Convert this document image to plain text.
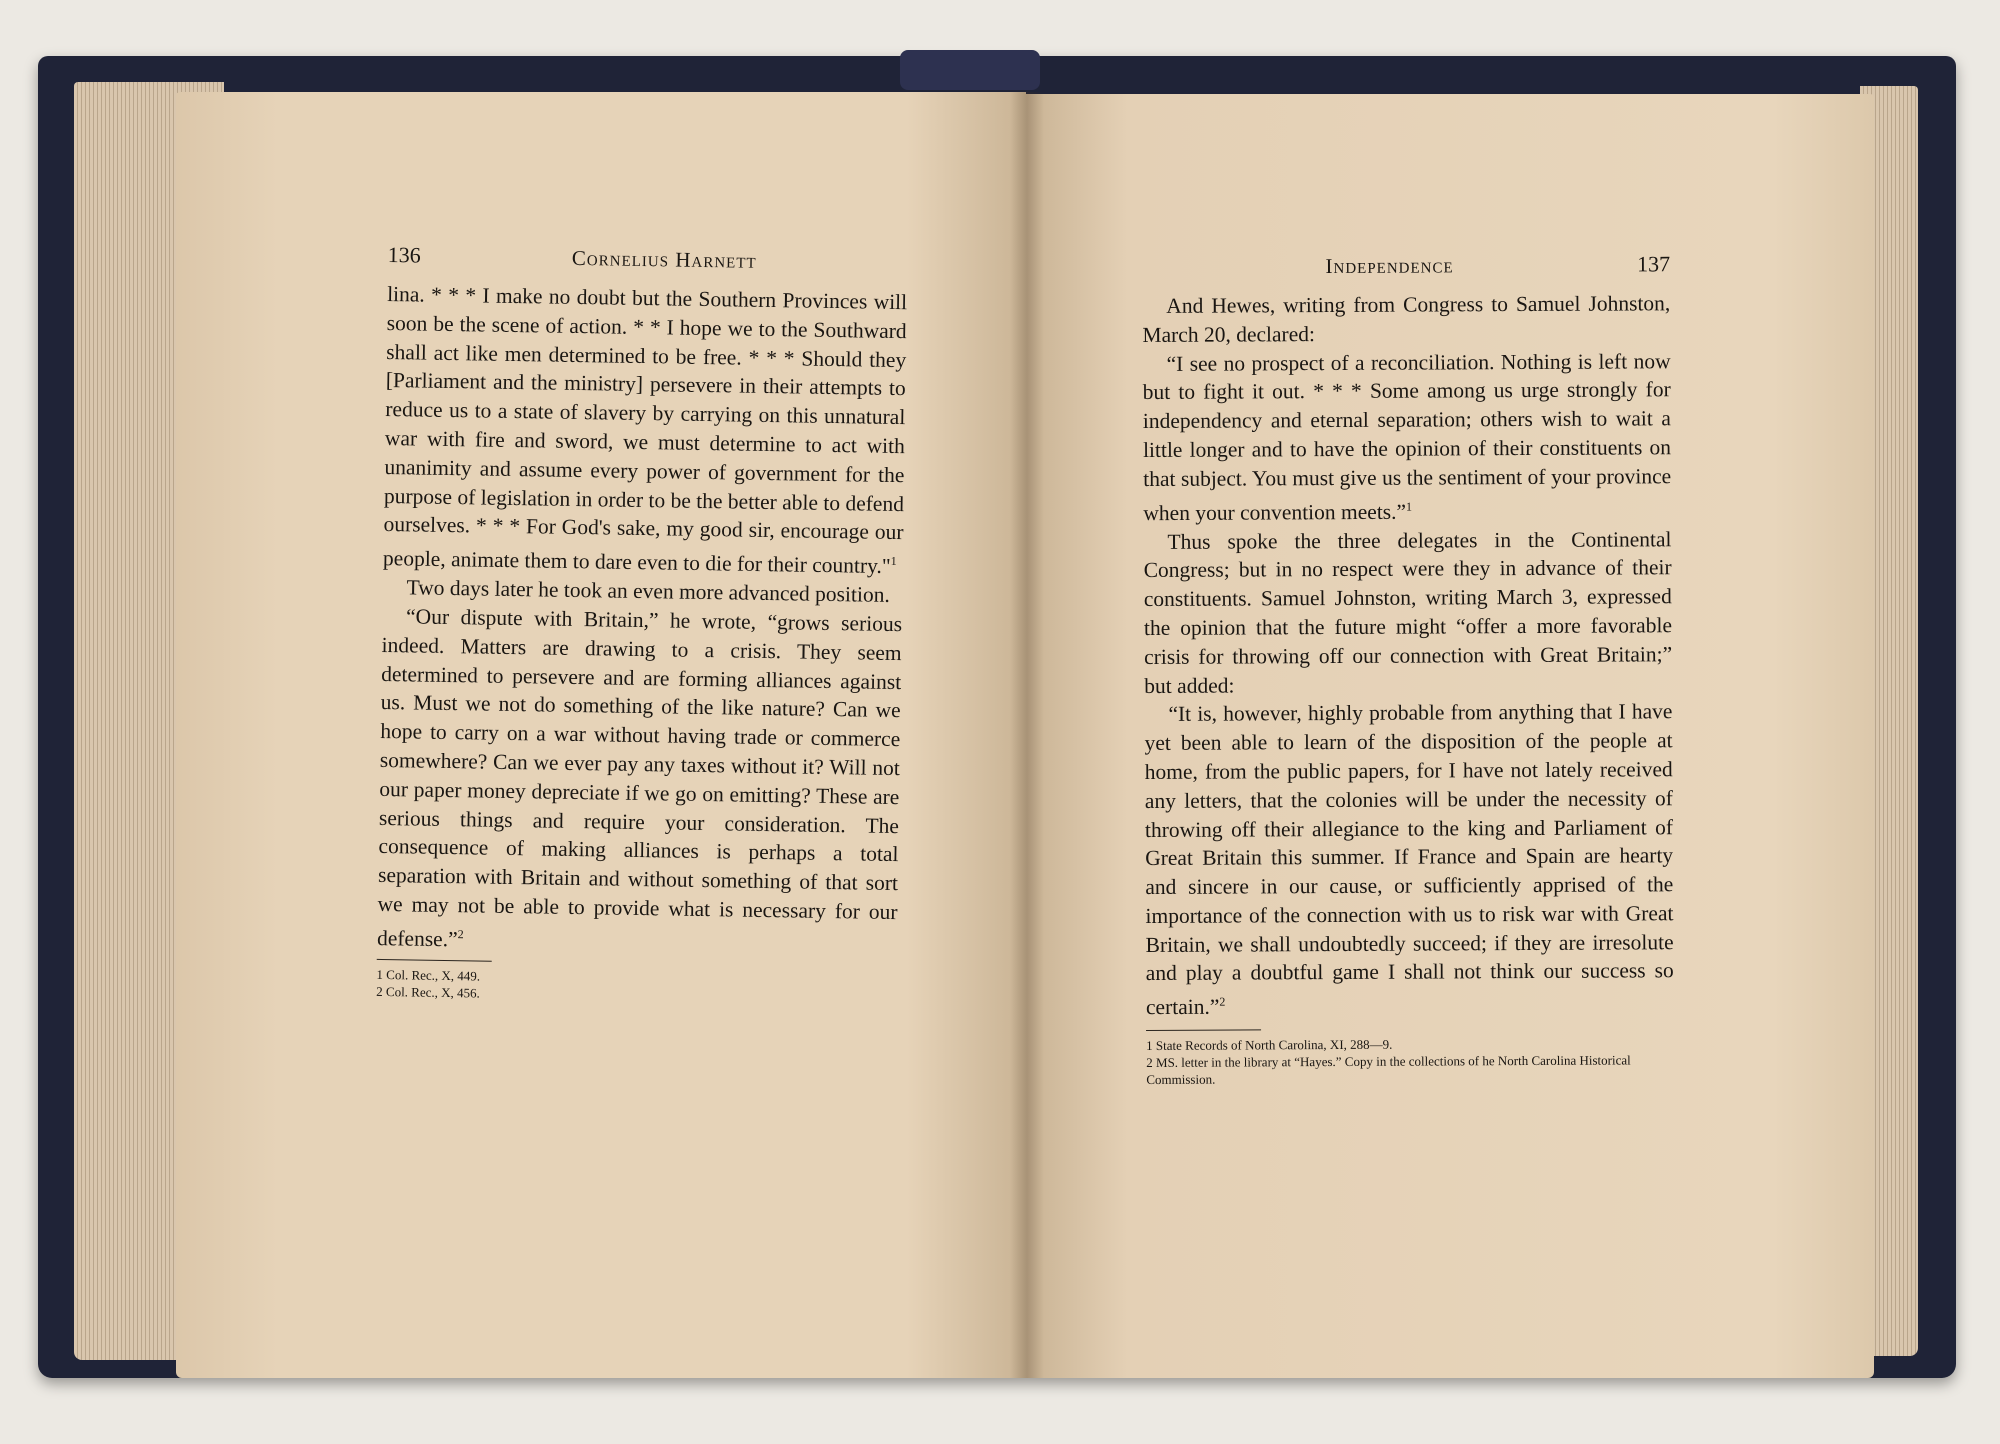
136	Cornelius Harnett

lina. * * * I make no doubt but the Southern Provinces will soon be the scene of action. * * I hope we to the Southward shall act like men determined to be free. * * * Should they [Parliament and the ministry] persevere in their attempts to reduce us to a state of slavery by carrying on this unnatural war with fire and sword, we must determine to act with unanimity and assume every power of government for the purpose of legislation in order to be the better able to defend ourselves. * * * For God's sake, my good sir, encourage our people, animate them to dare even to die for their country."$^1$

Two days later he took an even more advanced position.

“Our dispute with Britain,” he wrote, “grows serious indeed. Matters are drawing to a crisis. They seem determined to persevere and are forming alliances against us. Must we not do something of the like nature? Can we hope to carry on a war without having trade or commerce somewhere? Can we ever pay any taxes without it? Will not our paper money depreciate if we go on emitting? These are serious things and require your consideration. The consequence of making alliances is perhaps a total separation with Britain and without something of that sort we may not be able to provide what is necessary for our defense.”$^2$

1 Col. Rec., X, 449.

2 Col. Rec., X, 456.

Independence	137

And Hewes, writing from Congress to Samuel Johnston, March 20, declared:

“I see no prospect of a reconciliation. Nothing is left now but to fight it out. * * * Some among us urge strongly for independency and eternal separation; others wish to wait a little longer and to have the opinion of their constituents on that subject. You must give us the sentiment of your province when your convention meets.”$^1$

Thus spoke the three delegates in the Continental Congress; but in no respect were they in advance of their constituents. Samuel Johnston, writing March 3, expressed the opinion that the future might “offer a more favorable crisis for throwing off our connection with Great Britain;” but added:

“It is, however, highly probable from anything that I have yet been able to learn of the disposition of the people at home, from the public papers, for I have not lately received any letters, that the colonies will be under the necessity of throwing off their allegiance to the king and Parliament of Great Britain this summer. If France and Spain are hearty and sincere in our cause, or sufficiently apprised of the importance of the connection with us to risk war with Great Britain, we shall undoubtedly succeed; if they are irresolute and play a doubtful game I shall not think our success so certain.”$^2$

1 State Records of North Carolina, XI, 288—9.

2 MS. letter in the library at “Hayes.” Copy in the collections of he North Carolina Historical Commission.
